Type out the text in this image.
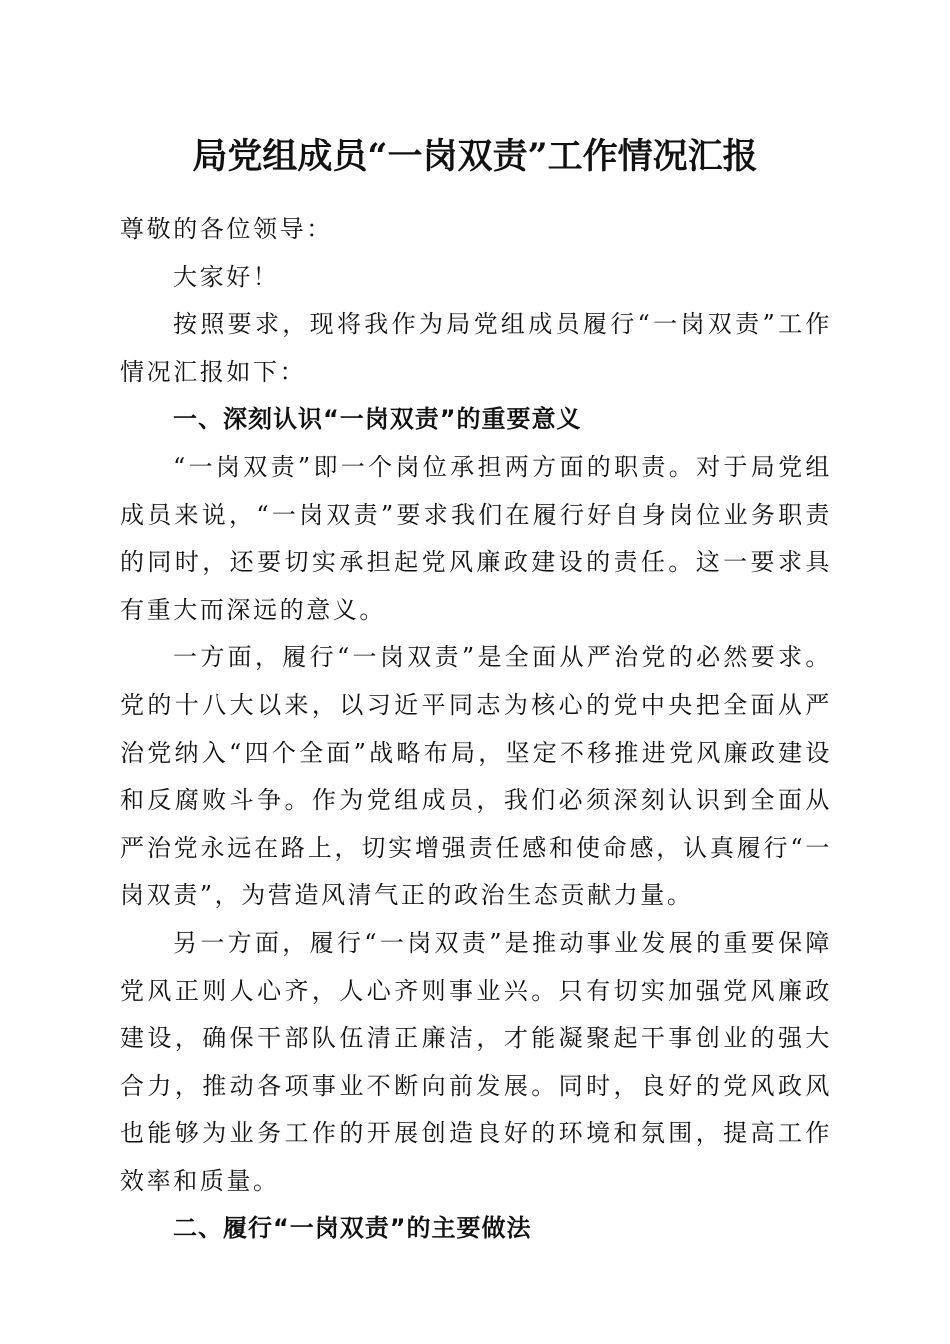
局党组成员“一岗双责”工作情况汇报

尊敬的各位领导：

大家好！

按照要求，现将我作为局党组成员履行“一岗双责”工作情况汇报如下：

一、深刻认识“一岗双责”的重要意义

“一岗双责”即一个岗位承担两方面的职责。对于局党组成员来说，“一岗双责”要求我们在履行好自身岗位业务职责的同时，还要切实承担起党风廉政建设的责任。这一要求具有重大而深远的意义。

一方面，履行“一岗双责”是全面从严治党的必然要求。党的十八大以来，以习近平同志为核心的党中央把全面从严治党纳入“四个全面”战略布局，坚定不移推进党风廉政建设和反腐败斗争。作为党组成员，我们必须深刻认识到全面从严治党永远在路上，切实增强责任感和使命感，认真履行“一岗双责”，为营造风清气正的政治生态贡献力量。

另一方面，履行“一岗双责”是推动事业发展的重要保障党风正则人心齐，人心齐则事业兴。只有切实加强党风廉政建设，确保干部队伍清正廉洁，才能凝聚起干事创业的强大合力，推动各项事业不断向前发展。同时，良好的党风政风也能够为业务工作的开展创造良好的环境和氛围，提高工作效率和质量。

二、履行“一岗双责”的主要做法
